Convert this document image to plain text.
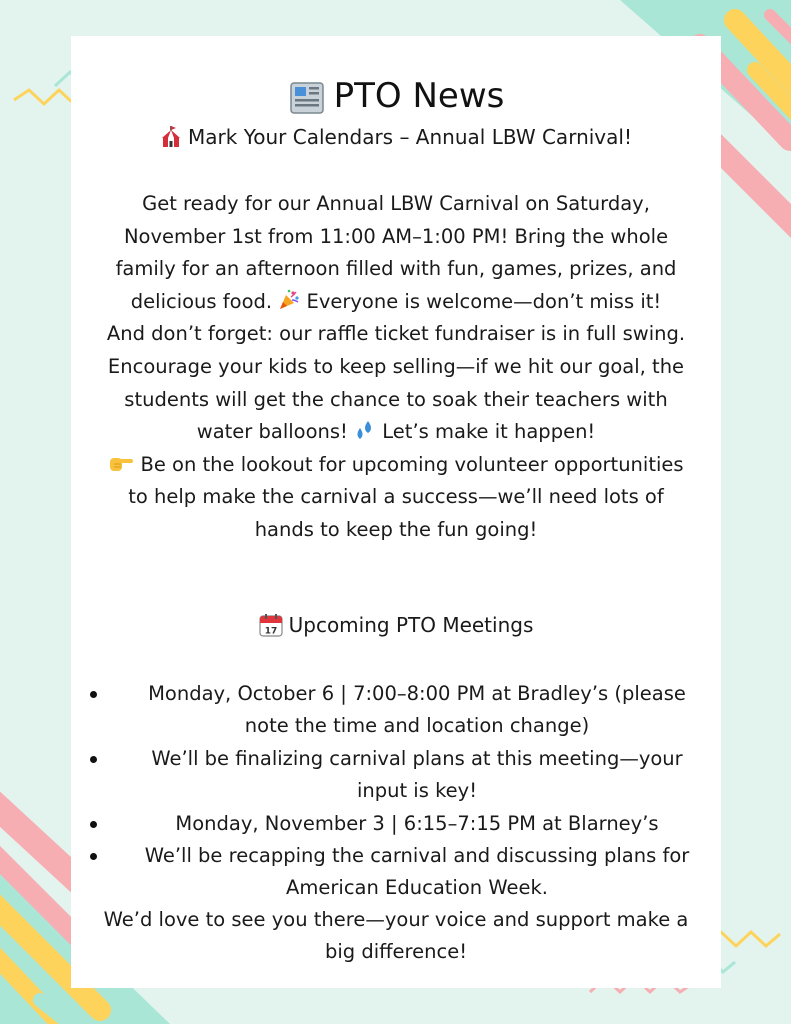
PTO News
Mark Your Calendars – Annual LBW Carnival!
Get ready for our Annual LBW Carnival on Saturday,
November 1st from 11:00 AM–1:00 PM! Bring the whole
family for an afternoon filled with fun, games, prizes, and
delicious food. Everyone is welcome—don’t miss it!
And don’t forget: our raffle ticket fundraiser is in full swing.
Encourage your kids to keep selling—if we hit our goal, the
students will get the chance to soak their teachers with
water balloons! Let’s make it happen!
Be on the lookout for upcoming volunteer opportunities
to help make the carnival a success—we’ll need lots of
hands to keep the fun going!
17 Upcoming PTO Meetings
Monday, October 6 | 7:00–8:00 PM at Bradley’s (please
note the time and location change)
We’ll be finalizing carnival plans at this meeting—your
input is key!
Monday, November 3 | 6:15–7:15 PM at Blarney’s
We’ll be recapping the carnival and discussing plans for
American Education Week.
We’d love to see you there—your voice and support make a
big difference!
